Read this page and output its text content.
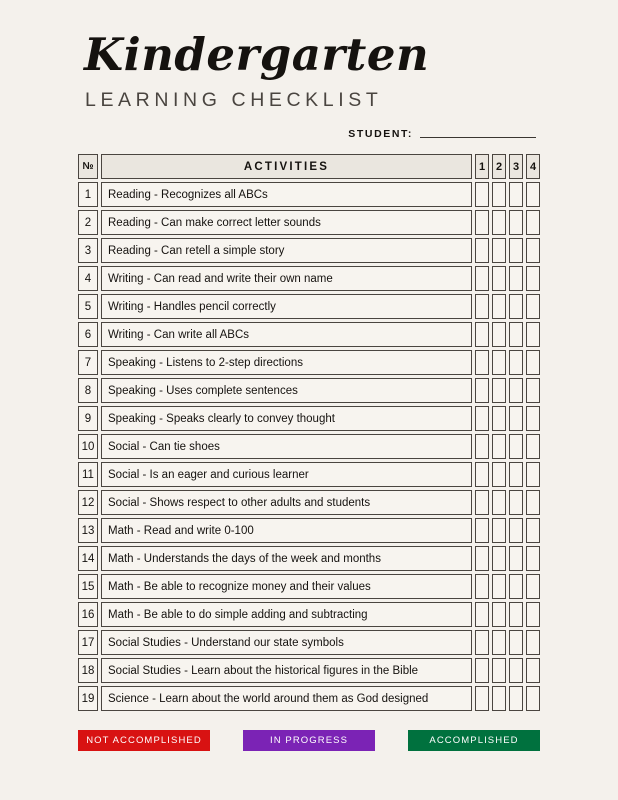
Kindergarten
LEARNING CHECKLIST
STUDENT:
№	ACTIVITIES	1 2 3 4
1	Reading - Recognizes all ABCs
2	Reading - Can make correct letter sounds
3	Reading - Can retell a simple story
4	Writing - Can read and write their own name
5	Writing - Handles pencil correctly
6	Writing - Can write all ABCs
7	Speaking - Listens to 2-step directions
8	Speaking - Uses complete sentences
9	Speaking - Speaks clearly to convey thought
10	Social - Can tie shoes
11	Social - Is an eager and curious learner
12	Social - Shows respect to other adults and students
13	Math - Read and write 0-100
14	Math - Understands the days of the week and months
15	Math - Be able to recognize money and their values
16	Math - Be able to do simple adding and subtracting
17	Social Studies - Understand our state symbols
18	Social Studies - Learn about the historical figures in the Bible
19	Science - Learn about the world around them as God designed
NOT ACCOMPLISHED	IN PROGRESS	ACCOMPLISHED
